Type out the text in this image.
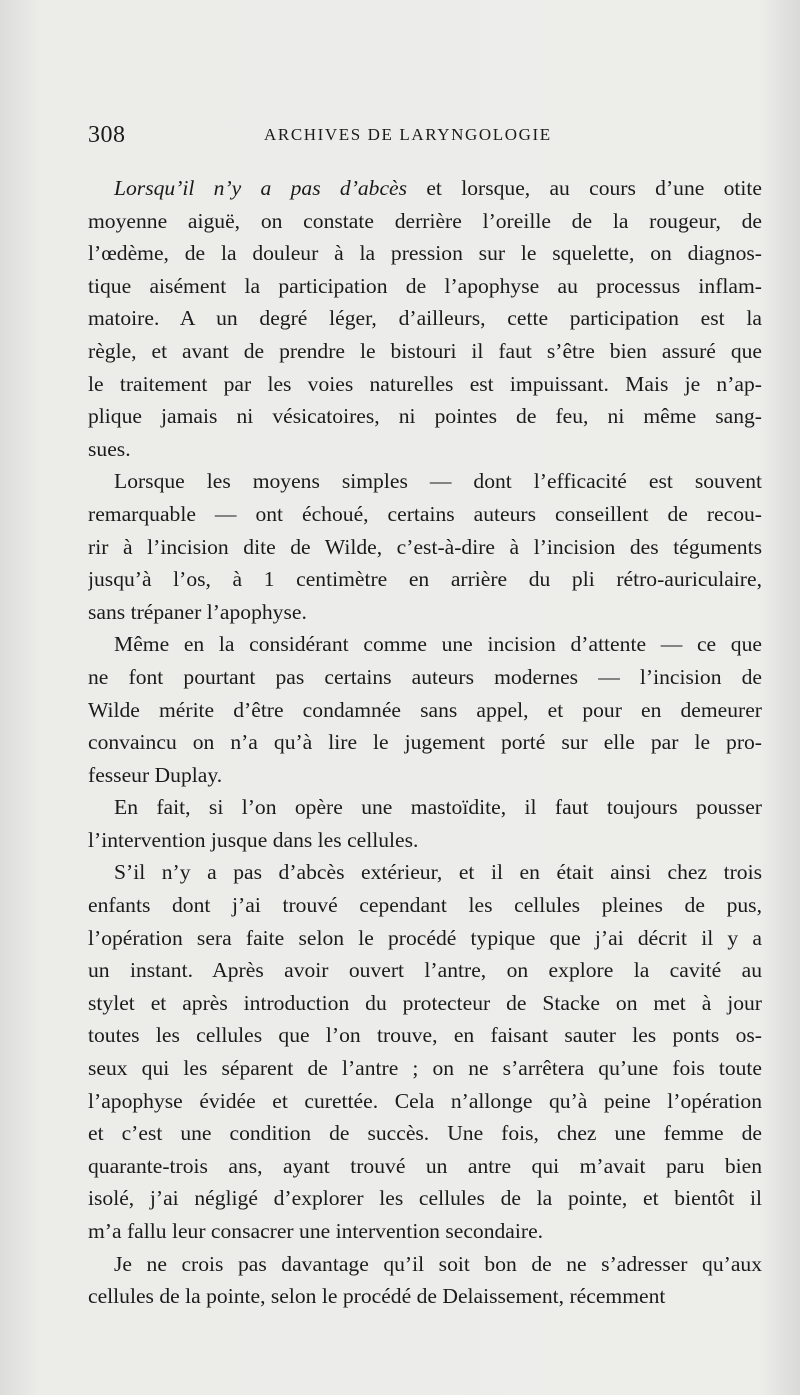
308	ARCHIVES DE LARYNGOLOGIE
Lorsqu’il n’y a pas d’abcès et lorsque, au cours d’une otite
moyenne aiguë, on constate derrière l’oreille de la rougeur, de
l’œdème, de la douleur à la pression sur le squelette, on diagnos-
tique aisément la participation de l’apophyse au processus inflam-
matoire. A un degré léger, d’ailleurs, cette participation est la
règle, et avant de prendre le bistouri il faut s’être bien assuré que
le traitement par les voies naturelles est impuissant. Mais je n’ap-
plique jamais ni vésicatoires, ni pointes de feu, ni même sang-
sues.
Lorsque les moyens simples — dont l’efficacité est souvent
remarquable — ont échoué, certains auteurs conseillent de recou-
rir à l’incision dite de Wilde, c’est-à-dire à l’incision des téguments
jusqu’à l’os, à 1 centimètre en arrière du pli rétro-auriculaire,
sans trépaner l’apophyse.
Même en la considérant comme une incision d’attente — ce que
ne font pourtant pas certains auteurs modernes — l’incision de
Wilde mérite d’être condamnée sans appel, et pour en demeurer
convaincu on n’a qu’à lire le jugement porté sur elle par le pro-
fesseur Duplay.
En fait, si l’on opère une mastoïdite, il faut toujours pousser
l’intervention jusque dans les cellules.
S’il n’y a pas d’abcès extérieur, et il en était ainsi chez trois
enfants dont j’ai trouvé cependant les cellules pleines de pus,
l’opération sera faite selon le procédé typique que j’ai décrit il y a
un instant. Après avoir ouvert l’antre, on explore la cavité au
stylet et après introduction du protecteur de Stacke on met à jour
toutes les cellules que l’on trouve, en faisant sauter les ponts os-
seux qui les séparent de l’antre ; on ne s’arrêtera qu’une fois toute
l’apophyse évidée et curettée. Cela n’allonge qu’à peine l’opération
et c’est une condition de succès. Une fois, chez une femme de
quarante-trois ans, ayant trouvé un antre qui m’avait paru bien
isolé, j’ai négligé d’explorer les cellules de la pointe, et bientôt il
m’a fallu leur consacrer une intervention secondaire.
Je ne crois pas davantage qu’il soit bon de ne s’adresser qu’aux
cellules de la pointe, selon le procédé de Delaissement, récemment
